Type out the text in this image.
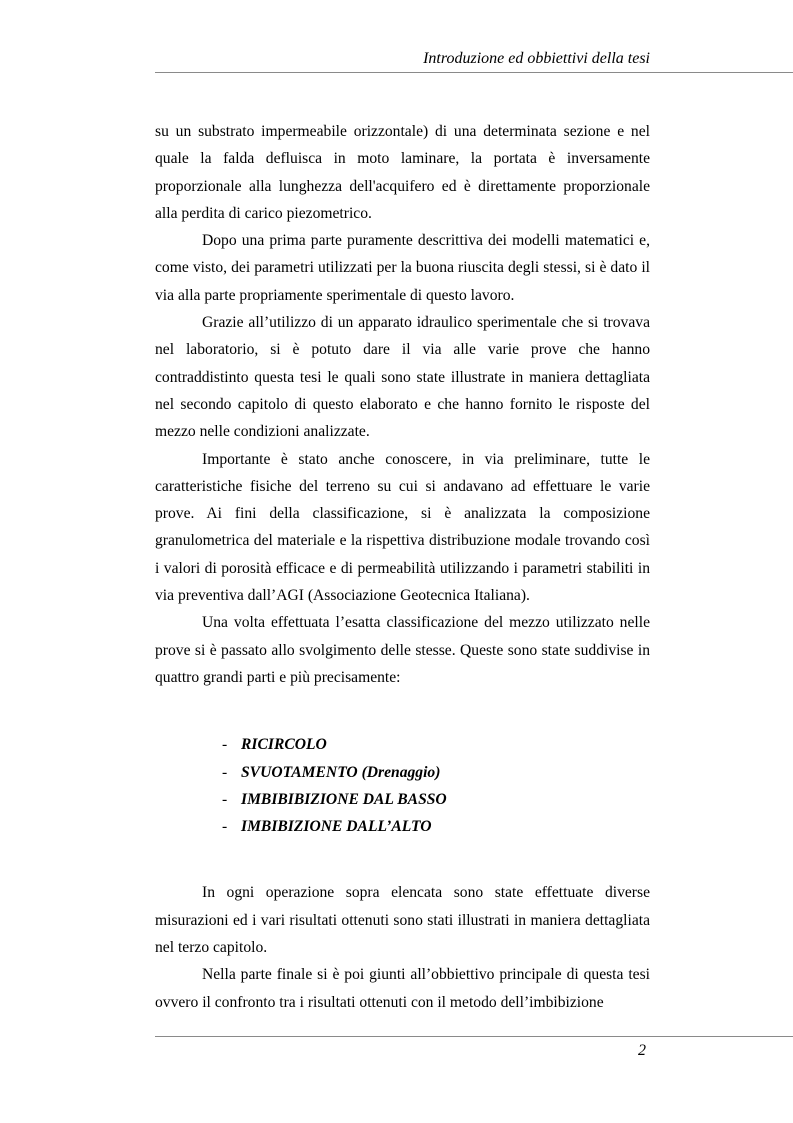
Introduzione ed obbiettivi della tesi

su un substrato impermeabile orizzontale) di una determinata sezione e nel quale la falda defluisca in moto laminare, la portata è inversamente proporzionale alla lunghezza dell'acquifero ed è direttamente proporzionale alla perdita di carico piezometrico.

Dopo una prima parte puramente descrittiva dei modelli matematici e, come visto, dei parametri utilizzati per la buona riuscita degli stessi, si è dato il via alla parte propriamente sperimentale di questo lavoro.

Grazie all’utilizzo di un apparato idraulico sperimentale che si trovava nel laboratorio, si è potuto dare il via alle varie prove che hanno contraddistinto questa tesi le quali sono state illustrate in maniera dettagliata nel secondo capitolo di questo elaborato e che hanno fornito le risposte del mezzo nelle condizioni analizzate.

Importante è stato anche conoscere, in via preliminare, tutte le caratteristiche fisiche del terreno su cui si andavano ad effettuare le varie prove. Ai fini della classificazione, si è analizzata la composizione granulometrica del materiale e la rispettiva distribuzione modale trovando così i valori di porosità efficace e di permeabilità utilizzando i parametri stabiliti in via preventiva dall’AGI (Associazione Geotecnica Italiana).

Una volta effettuata l’esatta classificazione del mezzo utilizzato nelle prove si è passato allo svolgimento delle stesse. Queste sono state suddivise in quattro grandi parti e più precisamente:

- RICIRCOLO
- SVUOTAMENTO (Drenaggio)
- IMBIBIBIZIONE DAL BASSO
- IMBIBIZIONE DALL’ALTO

In ogni operazione sopra elencata sono state effettuate diverse misurazioni ed i vari risultati ottenuti sono stati illustrati in maniera dettagliata nel terzo capitolo.

Nella parte finale si è poi giunti all’obbiettivo principale di questa tesi ovvero il confronto tra i risultati ottenuti con il metodo dell’imbibizione

2
